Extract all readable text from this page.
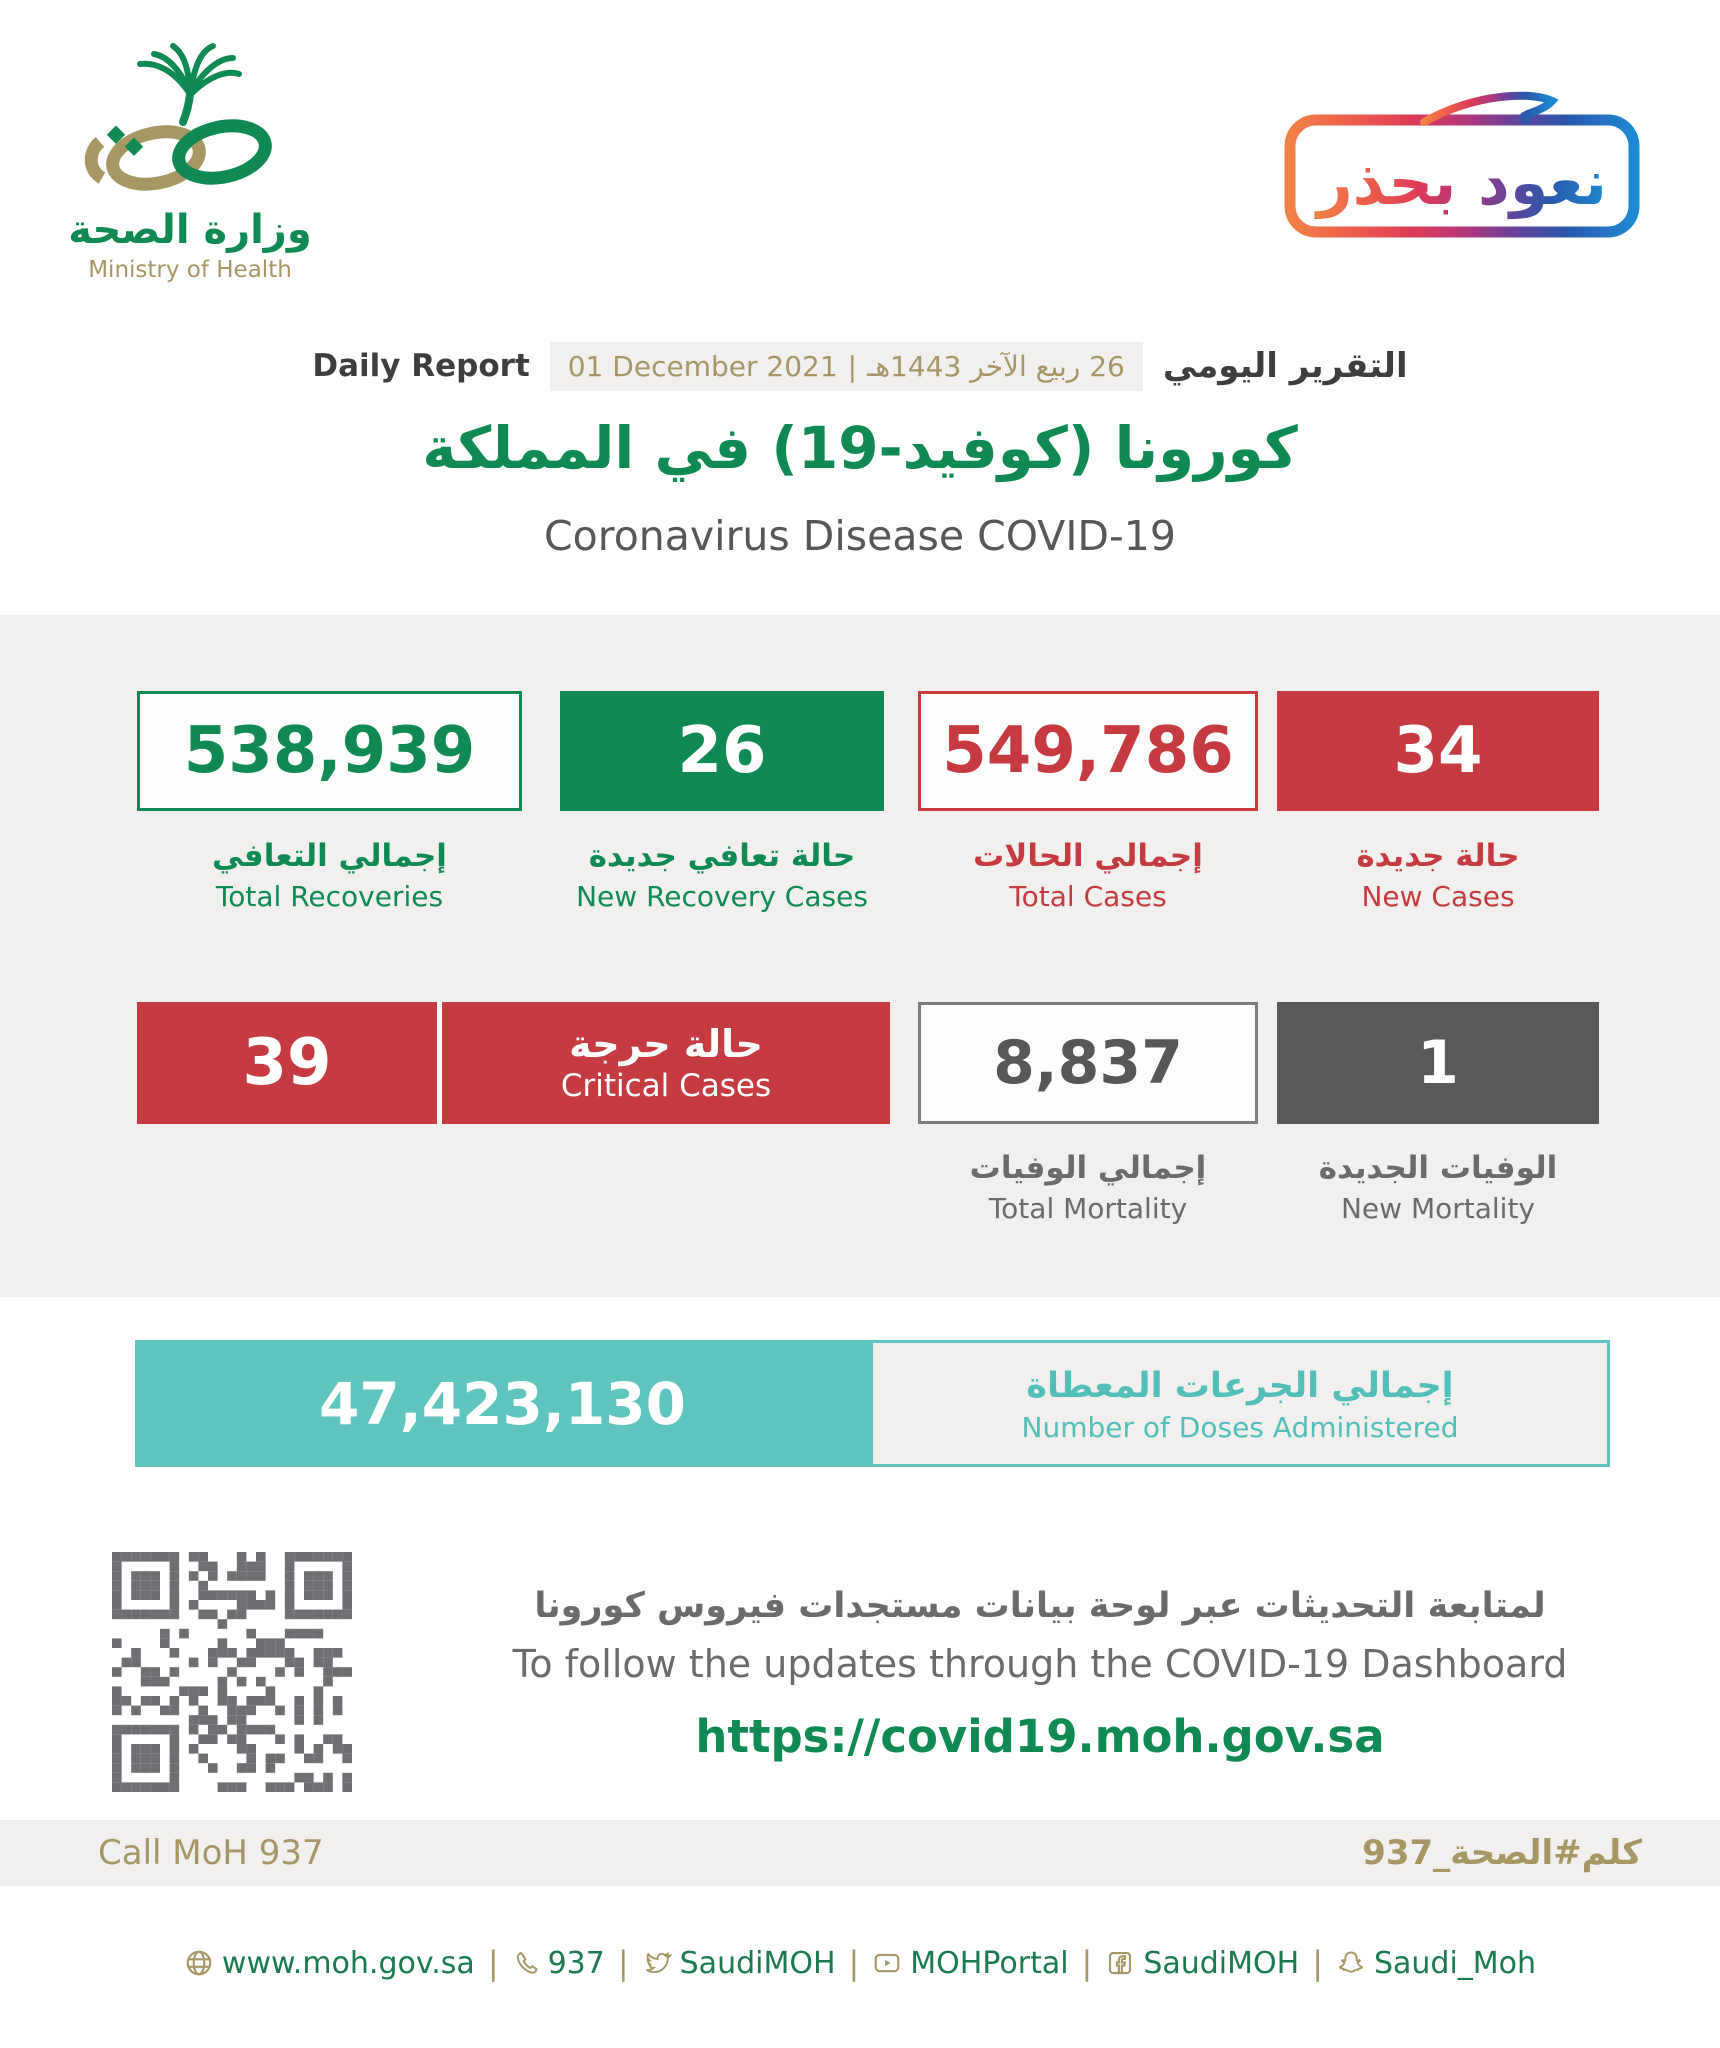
وزارة الصحة
Ministry of Health
نعود بحذر
Daily Report 01 December 2021 | 26 ربيع الآخر 1443هـ التقرير اليومي
كورونا (كوفيد-19) في المملكة
Coronavirus Disease COVID-19
538,939	26	549,786 34
إجمالي التعافي
Total Recoveries
حالة تعافي جديدة
New Recovery Cases
إجمالي الحالات
Total Cases
حالة جديدة
New Cases
39	حالة حرجة
Critical Cases	8,837	1
إجمالي الوفيات
Total Mortality
الوفيات الجديدة
New Mortality
47,423,130	إجمالي الجرعات المعطاة
Number of Doses Administered
لمتابعة التحديثات عبر لوحة بيانات مستجدات فيروس كورونا
To follow the updates through the COVID-19 Dashboard
https://covid19.moh.gov.sa
Call MoH 937	كلم#الصحة_937
www.moh.gov.sa | 937 | SaudiMOH | MOHPortal | SaudiMOH | Saudi_Moh
